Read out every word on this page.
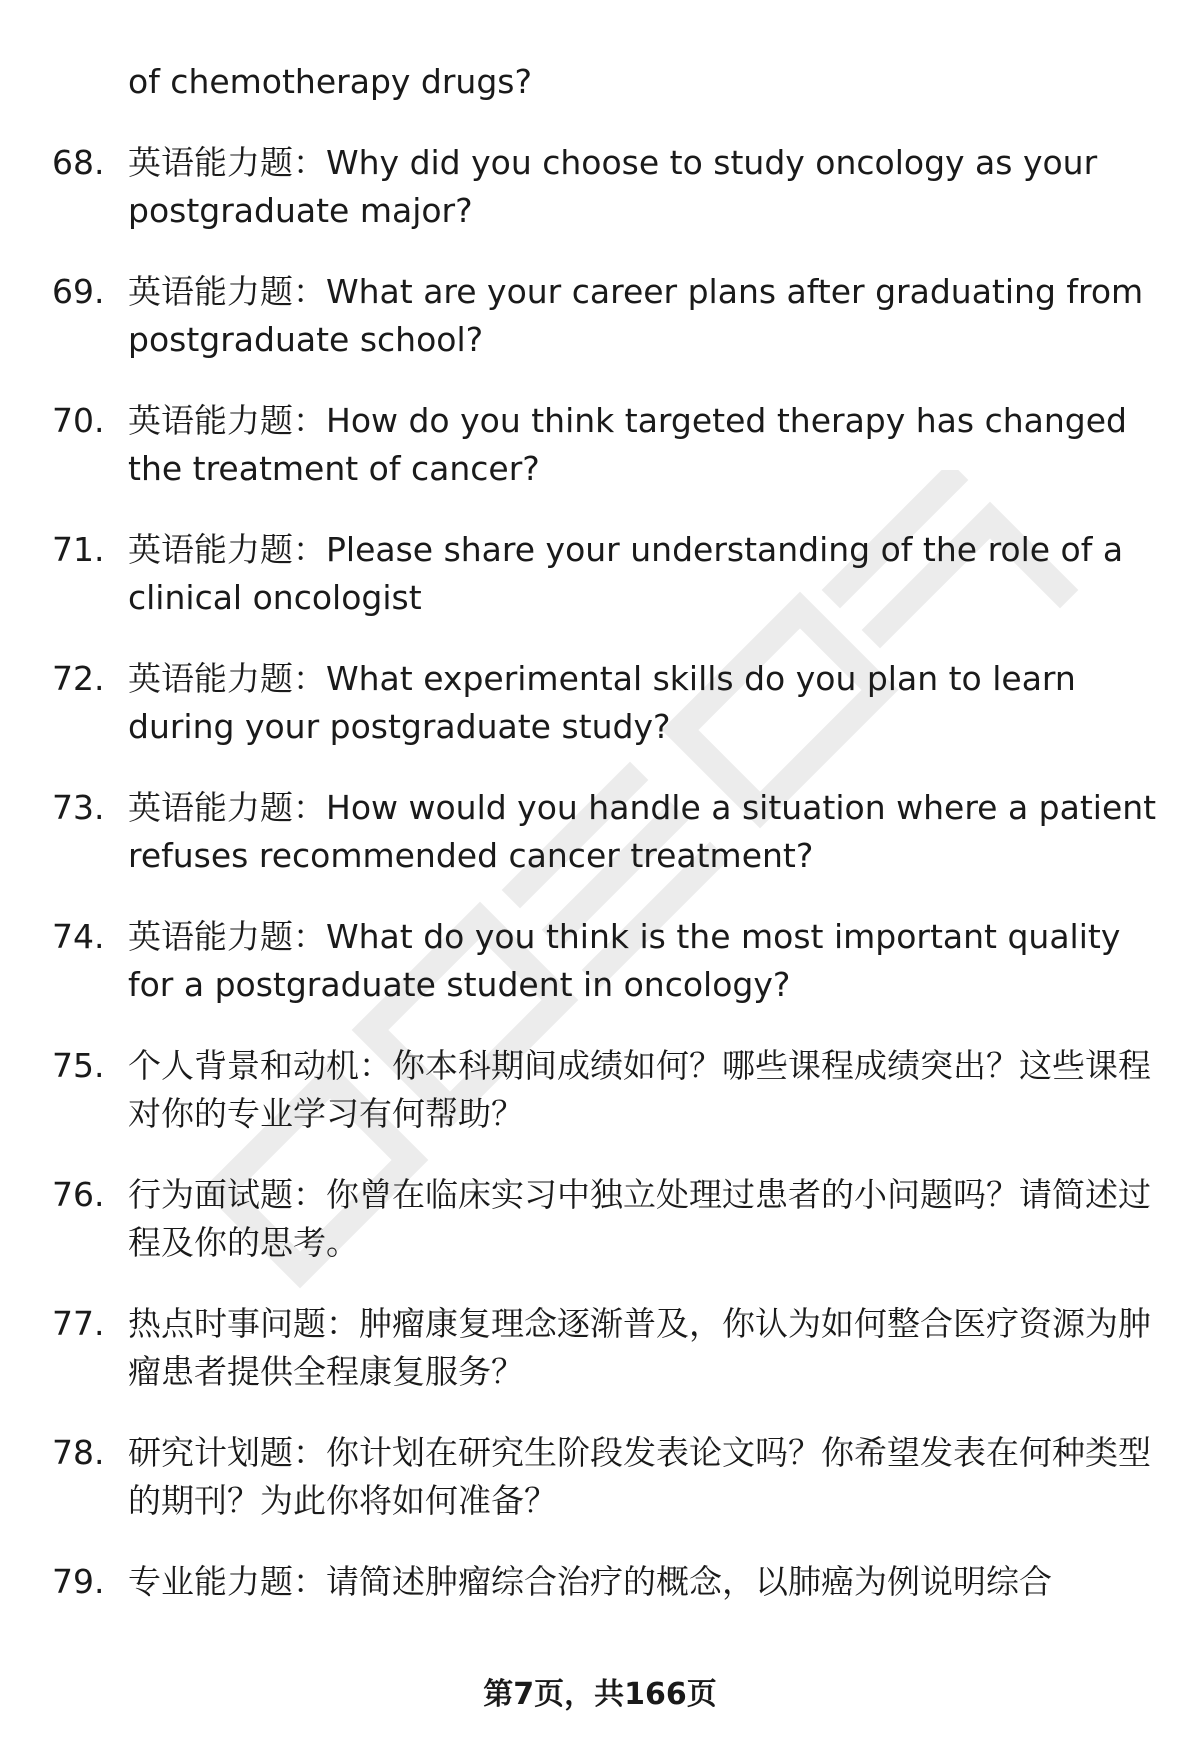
of chemotherapy drugs?
68. 英语能力题：Why did you choose to study oncology as your postgraduate major?
69. 英语能力题：What are your career plans after graduating from postgraduate school?
70. 英语能力题：How do you think targeted therapy has changed the treatment of cancer?
71. 英语能力题：Please share your understanding of the role of a clinical oncologist
72. 英语能力题：What experimental skills do you plan to learn during your postgraduate study?
73. 英语能力题：How would you handle a situation where a patient refuses recommended cancer treatment?
74. 英语能力题：What do you think is the most important quality for a postgraduate student in oncology?
75. 个人背景和动机：你本科期间成绩如何？哪些课程成绩突出？这些课程对你的专业学习有何帮助？
76. 行为面试题：你曾在临床实习中独立处理过患者的小问题吗？请简述过程及你的思考。
77. 热点时事问题：肿瘤康复理念逐渐普及，你认为如何整合医疗资源为肿瘤患者提供全程康复服务？
78. 研究计划题：你计划在研究生阶段发表论文吗？你希望发表在何种类型的期刊？为此你将如何准备？
79. 专业能力题：请简述肿瘤综合治疗的概念，以肺癌为例说明综合
第7页，共166页
